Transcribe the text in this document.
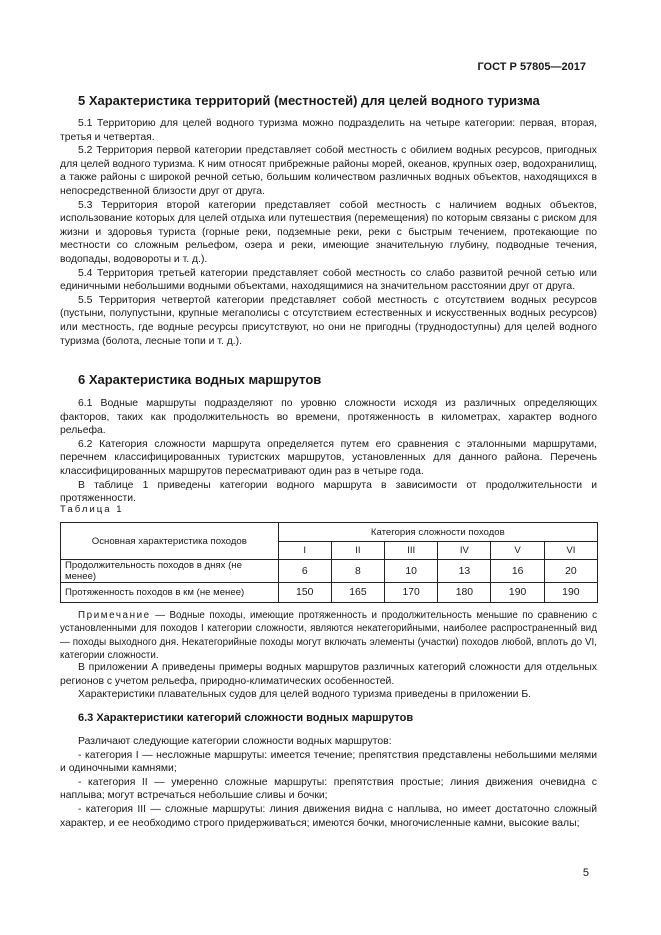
ГОСТ Р 57805—2017
5 Характеристика территорий (местностей) для целей водного туризма

5.1 Территорию для целей водного туризма можно подразделить на четыре категории: первая, вторая, третья и четвертая.

5.2 Территория первой категории представляет собой местность с обилием водных ресурсов, пригодных для целей водного туризма. К ним относят прибрежные районы морей, океанов, крупных озер, водохранилищ, а также районы с широкой речной сетью, большим количеством различных водных объектов, находящихся в непосредственной близости друг от друга.

5.3 Территория второй категории представляет собой местность с наличием водных объектов, использование которых для целей отдыха или путешествия (перемещения) по которым связаны с риском для жизни и здоровья туриста (горные реки, подземные реки, реки с быстрым течением, протекающие по местности со сложным рельефом, озера и реки, имеющие значительную глубину, подводные течения, водопады, водовороты и т. д.).

5.4 Территория третьей категории представляет собой местность со слабо развитой речной сетью или единичными небольшими водными объектами, находящимися на значительном расстоянии друг от друга.

5.5 Территория четвертой категории представляет собой местность с отсутствием водных ресурсов (пустыни, полупустыни, крупные мегаполисы с отсутствием естественных и искусственных водных ресурсов) или местность, где водные ресурсы присутствуют, но они не пригодны (труднодоступны) для целей водного туризма (болота, лесные топи и т. д.).

6 Характеристика водных маршрутов

6.1 Водные маршруты подразделяют по уровню сложности исходя из различных определяющих факторов, таких как продолжительность во времени, протяженность в километрах, характер водного рельефа.

6.2 Категория сложности маршрута определяется путем его сравнения с эталонными маршрутами, перечнем классифицированных туристских маршрутов, установленных для данного района. Перечень классифицированных маршрутов пересматривают один раз в четыре года.

В таблице 1 приведены категории водного маршрута в зависимости от продолжительности и протяженности.

Таблица 1
Основная характеристика походов	Категория сложности походов					
	I	II	III	IV	V	VI
Продолжительность походов в днях (не менее)	6	8	10	13	16	20
Протяженность походов в км (не менее)	150	165	170	180	190	190
Примечание — Водные походы, имеющие протяженность и продолжительность меньшие по сравнению с установленными для походов I категории сложности, являются некатегорийными, наиболее распространенный вид — походы выходного дня. Некатегорийные походы могут включать элементы (участки) походов любой, вплоть до VI, категории сложности.

В приложении А приведены примеры водных маршрутов различных категорий сложности для отдельных регионов с учетом рельефа, природно-климатических особенностей.

Характеристики плавательных судов для целей водного туризма приведены в приложении Б.

6.3 Характеристики категорий сложности водных маршрутов

Различают следующие категории сложности водных маршрутов:

- категория I — несложные маршруты: имеется течение; препятствия представлены небольшими мелями и одиночными камнями;

- категория II — умеренно сложные маршруты: препятствия простые; линия движения очевидна с наплыва; могут встречаться небольшие сливы и бочки;

- категория III — сложные маршруты: линия движения видна с наплыва, но имеет достаточно сложный характер, и ее необходимо строго придерживаться; имеются бочки, многочисленные камни, высокие валы;

5
